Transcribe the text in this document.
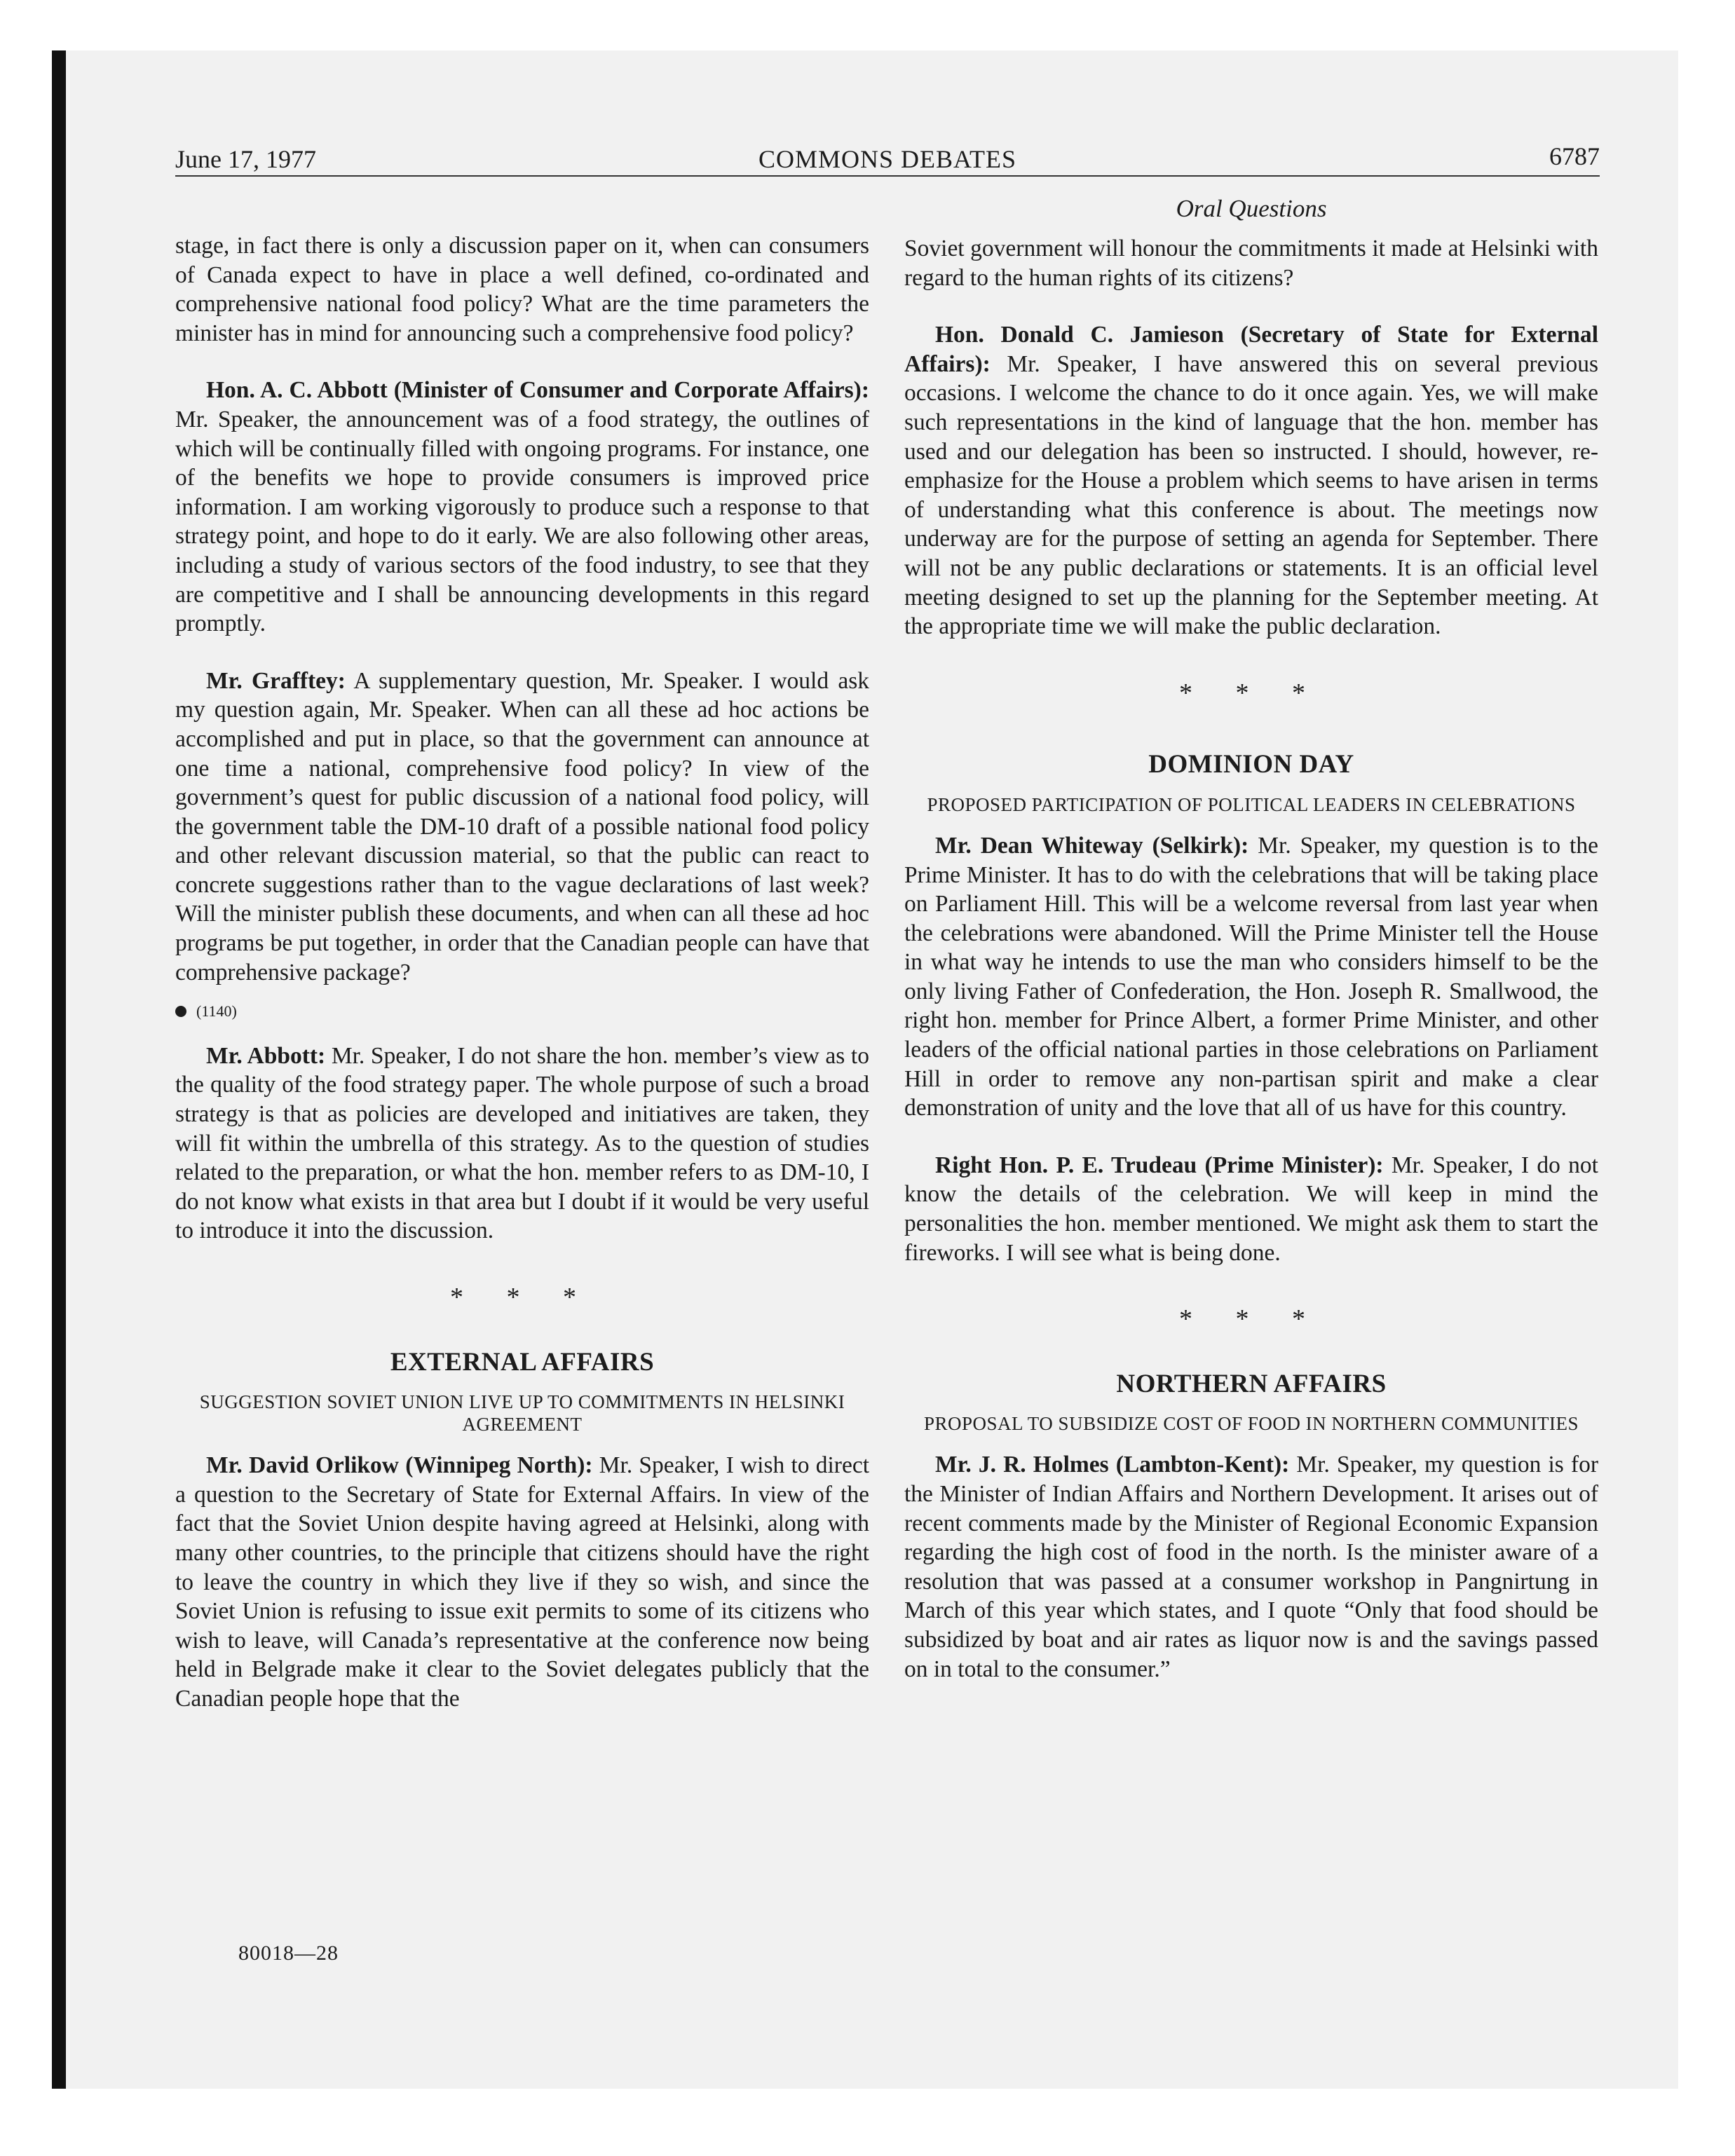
June 17, 1977	COMMONS DEBATES	6787
Oral Questions

stage, in fact there is only a discussion paper on it, when can consumers of Canada expect to have in place a well defined, co-ordinated and comprehensive national food policy? What are the time parameters the minister has in mind for announcing such a comprehensive food policy?

Hon. A. C. Abbott (Minister of Consumer and Corporate Affairs): Mr. Speaker, the announcement was of a food strategy, the outlines of which will be continually filled with ongoing programs. For instance, one of the benefits we hope to provide consumers is improved price information. I am working vigorously to produce such a response to that strategy point, and hope to do it early. We are also following other areas, including a study of various sectors of the food industry, to see that they are competitive and I shall be announcing developments in this regard promptly.

Mr. Grafftey: A supplementary question, Mr. Speaker. I would ask my question again, Mr. Speaker. When can all these ad hoc actions be accomplished and put in place, so that the government can announce at one time a national, comprehensive food policy? In view of the government’s quest for public discussion of a national food policy, will the government table the DM-10 draft of a possible national food policy and other relevant discussion material, so that the public can react to concrete suggestions rather than to the vague declarations of last week? Will the minister publish these documents, and when can all these ad hoc programs be put together, in order that the Canadian people can have that comprehensive package?

(1140)

Mr. Abbott: Mr. Speaker, I do not share the hon. member’s view as to the quality of the food strategy paper. The whole purpose of such a broad strategy is that as policies are developed and initiatives are taken, they will fit within the umbrella of this strategy. As to the question of studies related to the preparation, or what the hon. member refers to as DM-10, I do not know what exists in that area but I doubt if it would be very useful to introduce it into the discussion.

* * *
EXTERNAL AFFAIRS
SUGGESTION SOVIET UNION LIVE UP TO COMMITMENTS IN HELSINKI AGREEMENT

Mr. David Orlikow (Winnipeg North): Mr. Speaker, I wish to direct a question to the Secretary of State for External Affairs. In view of the fact that the Soviet Union despite having agreed at Helsinki, along with many other countries, to the principle that citizens should have the right to leave the country in which they live if they so wish, and since the Soviet Union is refusing to issue exit permits to some of its citizens who wish to leave, will Canada’s representative at the conference now being held in Belgrade make it clear to the Soviet delegates publicly that the Canadian people hope that the

Soviet government will honour the commitments it made at Helsinki with regard to the human rights of its citizens?

Hon. Donald C. Jamieson (Secretary of State for External Affairs): Mr. Speaker, I have answered this on several previous occasions. I welcome the chance to do it once again. Yes, we will make such representations in the kind of language that the hon. member has used and our delegation has been so instructed. I should, however, re-emphasize for the House a problem which seems to have arisen in terms of understanding what this conference is about. The meetings now underway are for the purpose of setting an agenda for September. There will not be any public declarations or statements. It is an official level meeting designed to set up the planning for the September meeting. At the appropriate time we will make the public declaration.

* * *
DOMINION DAY
PROPOSED PARTICIPATION OF POLITICAL LEADERS IN CELEBRATIONS

Mr. Dean Whiteway (Selkirk): Mr. Speaker, my question is to the Prime Minister. It has to do with the celebrations that will be taking place on Parliament Hill. This will be a welcome reversal from last year when the celebrations were abandoned. Will the Prime Minister tell the House in what way he intends to use the man who considers himself to be the only living Father of Confederation, the Hon. Joseph R. Smallwood, the right hon. member for Prince Albert, a former Prime Minister, and other leaders of the official national parties in those celebrations on Parliament Hill in order to remove any non-partisan spirit and make a clear demonstration of unity and the love that all of us have for this country.

Right Hon. P. E. Trudeau (Prime Minister): Mr. Speaker, I do not know the details of the celebration. We will keep in mind the personalities the hon. member mentioned. We might ask them to start the fireworks. I will see what is being done.

* * *
NORTHERN AFFAIRS
PROPOSAL TO SUBSIDIZE COST OF FOOD IN NORTHERN COMMUNITIES

Mr. J. R. Holmes (Lambton-Kent): Mr. Speaker, my question is for the Minister of Indian Affairs and Northern Development. It arises out of recent comments made by the Minister of Regional Economic Expansion regarding the high cost of food in the north. Is the minister aware of a resolution that was passed at a consumer workshop in Pangnirtung in March of this year which states, and I quote “Only that food should be subsidized by boat and air rates as liquor now is and the savings passed on in total to the consumer.”

80018—28
